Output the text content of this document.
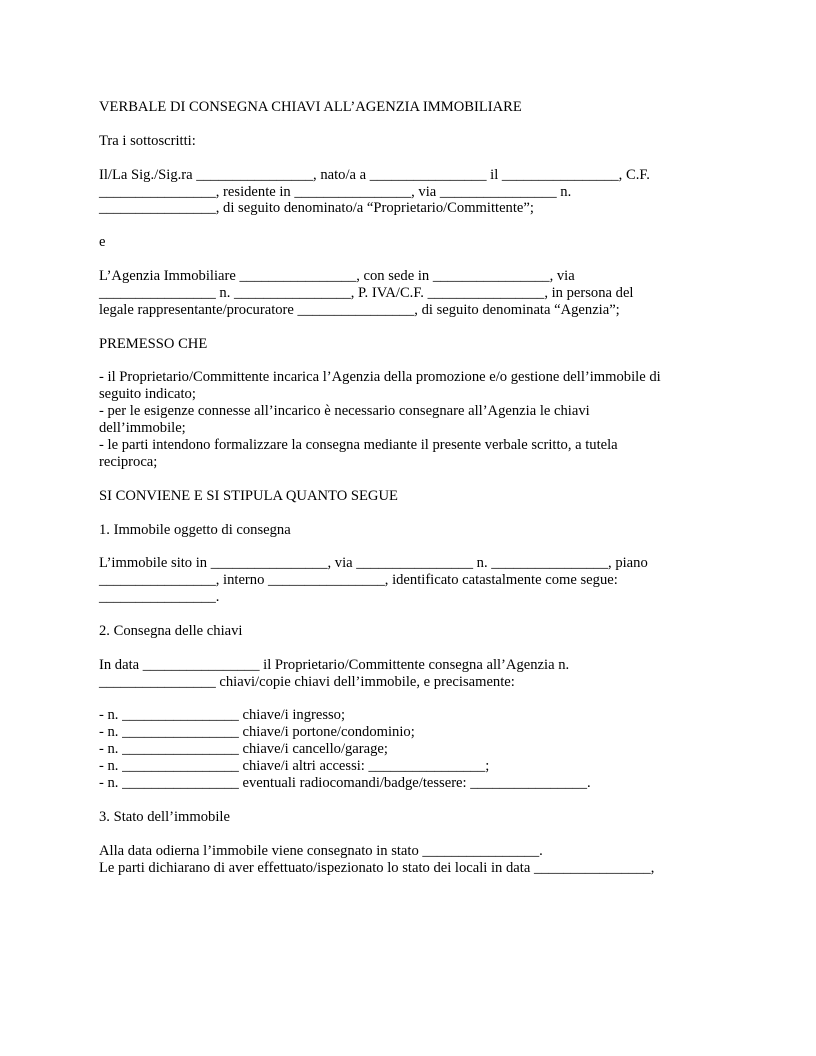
VERBALE DI CONSEGNA CHIAVI ALL’AGENZIA IMMOBILIARE

Tra i sottoscritti:

Il/La Sig./Sig.ra ________________, nato/a a ________________ il ________________, C.F.

________________, residente in ________________, via ________________ n.

________________, di seguito denominato/a “Proprietario/Committente”;

e

L’Agenzia Immobiliare ________________, con sede in ________________, via

________________ n. ________________, P. IVA/C.F. ________________, in persona del

legale rappresentante/procuratore ________________, di seguito denominata “Agenzia”;

PREMESSO CHE

- il Proprietario/Committente incarica l’Agenzia della promozione e/o gestione dell’immobile di

seguito indicato;

- per le esigenze connesse all’incarico è necessario consegnare all’Agenzia le chiavi

dell’immobile;

- le parti intendono formalizzare la consegna mediante il presente verbale scritto, a tutela

reciproca;

SI CONVIENE E SI STIPULA QUANTO SEGUE

1. Immobile oggetto di consegna

L’immobile sito in ________________, via ________________ n. ________________, piano

________________, interno ________________, identificato catastalmente come segue:

________________.

2. Consegna delle chiavi

In data ________________ il Proprietario/Committente consegna all’Agenzia n.

________________ chiavi/copie chiavi dell’immobile, e precisamente:

- n. ________________ chiave/i ingresso;

- n. ________________ chiave/i portone/condominio;

- n. ________________ chiave/i cancello/garage;

- n. ________________ chiave/i altri accessi: ________________;

- n. ________________ eventuali radiocomandi/badge/tessere: ________________.

3. Stato dell’immobile

Alla data odierna l’immobile viene consegnato in stato ________________.

Le parti dichiarano di aver effettuato/ispezionato lo stato dei locali in data ________________,
